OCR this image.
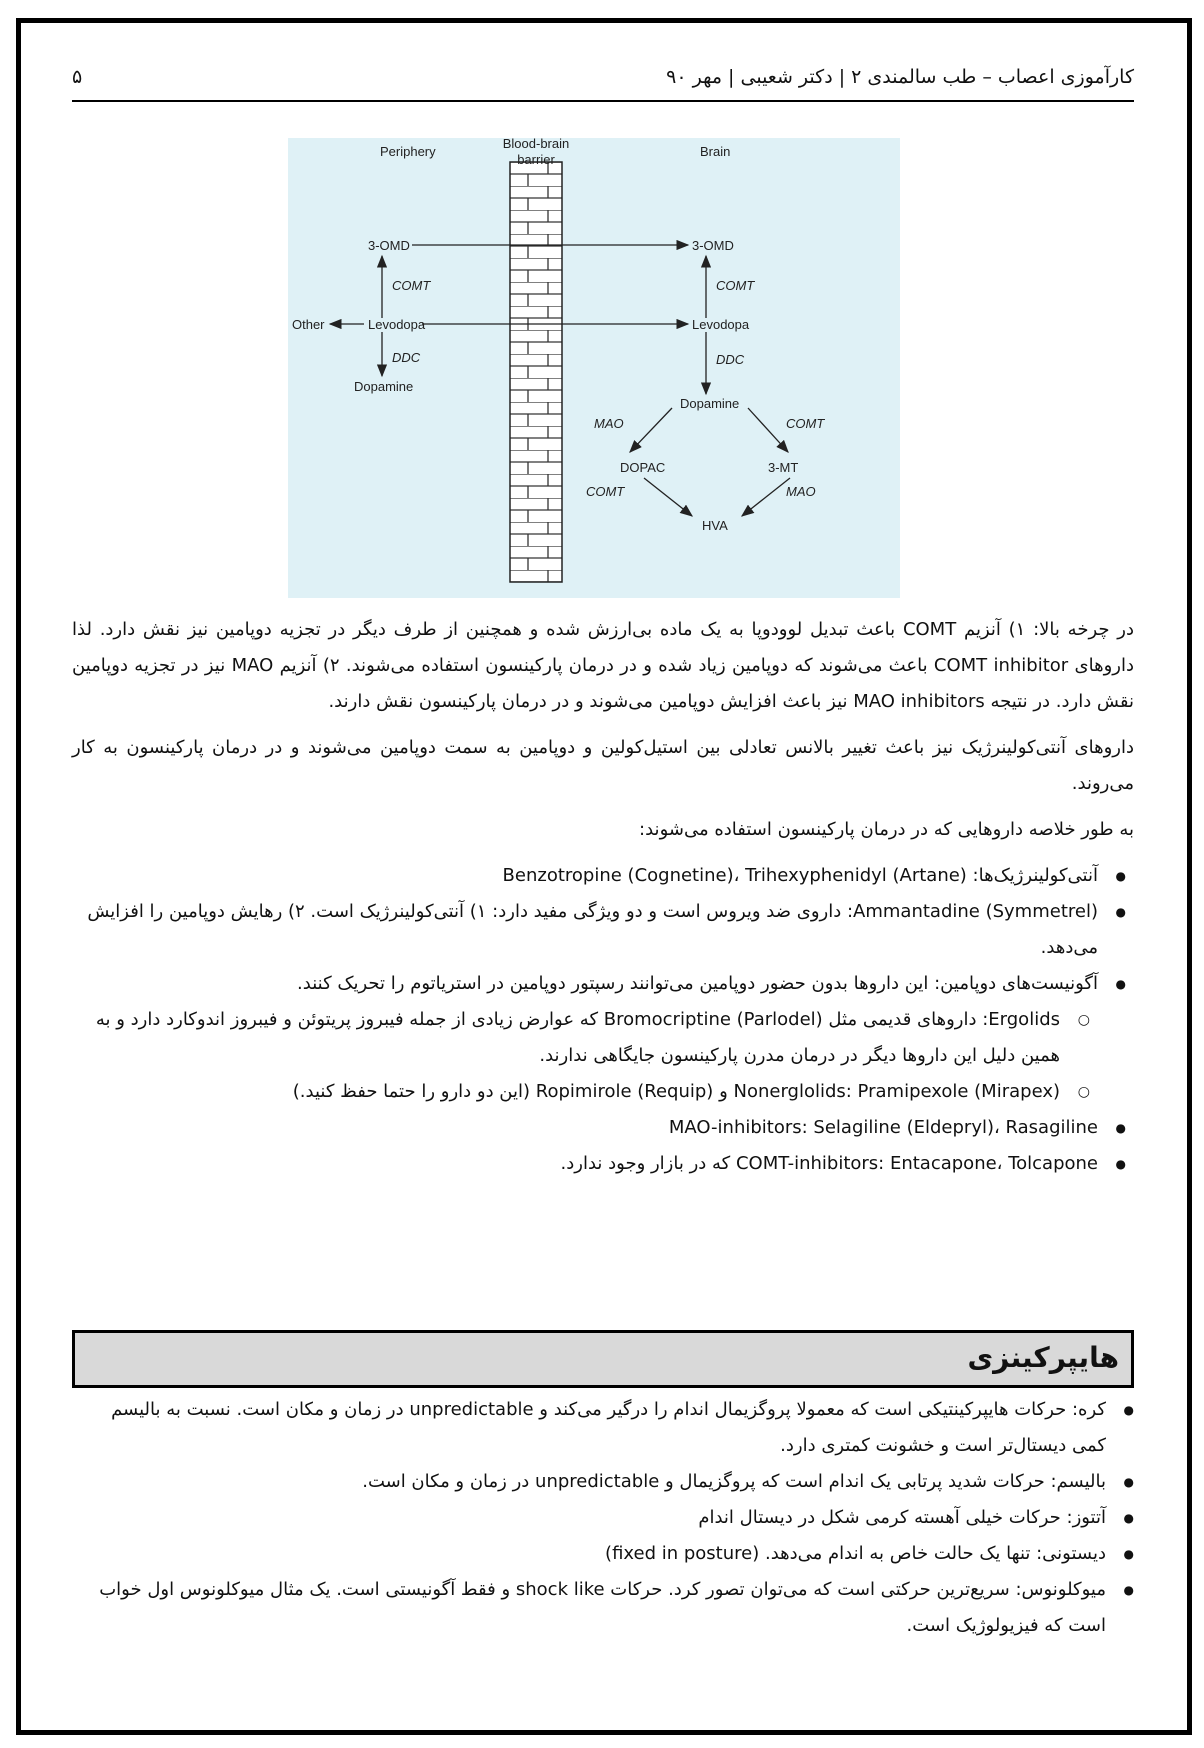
کارآموزی اعصاب – طب سالمندی ۲ | دکتر شعیبی | مهر ۹۰
۵
Periphery
Blood-brain
barrier
Brain
3-OMD
COMT
Other	Levodopa
DDC
Dopamine
3-OMD
COMT
Levodopa
DDC
Dopamine
MAO	COMT
DOPAC	3-MT
COMT	MAO
HVA

در چرخه بالا: ۱) آنزیم COMT باعث تبدیل لوودوپا به یک ماده بی‌ارزش شده و همچنین از طرف دیگر در تجزیه دوپامین نیز نقش دارد. لذا داروهای COMT inhibitor باعث می‌شوند که دوپامین زیاد شده و در درمان پارکینسون استفاده می‌شوند. ۲) آنزیم MAO نیز در تجزیه دوپامین نقش دارد. در نتیجه MAO inhibitors نیز باعث افزایش دوپامین می‌شوند و در درمان پارکینسون نقش دارند.

داروهای آنتی‌کولینرژیک نیز باعث تغییر بالانس تعادلی بین استیل‌کولین و دوپامین به سمت دوپامین می‌شوند و در درمان پارکینسون به کار می‌روند.

به طور خلاصه داروهایی که در درمان پارکینسون استفاده می‌شوند:

● آنتی‌کولینرژیک‌ها: Benzotropine (Cognetine)، Trihexyphenidyl (Artane)
● Ammantadine (Symmetrel): داروی ضد ویروس است و دو ویژگی مفید دارد: ۱) آنتی‌کولینرژیک است. ۲) رهایش دوپامین را افزایش می‌دهد.
● آگونیست‌های دوپامین: این داروها بدون حضور دوپامین می‌توانند رسپتور دوپامین در استریاتوم را تحریک کنند.
○ Ergolids: داروهای قدیمی مثل Bromocriptine (Parlodel) که عوارض زیادی از جمله فیبروز پریتوئن و فیبروز اندوکارد دارد و به همین دلیل این داروها دیگر در درمان مدرن پارکینسون جایگاهی ندارند.
○ Nonerglolids: Pramipexole (Mirapex) و Ropimirole (Requip) (این دو دارو را حتما حفظ کنید.)
● MAO-inhibitors: Selagiline (Eldepryl)، Rasagiline
● COMT-inhibitors: Entacapone، Tolcapone که در بازار وجود ندارد.
هایپرکینزی
● کره: حرکات هایپرکینتیکی است که معمولا پروگزیمال اندام را درگیر می‌کند و unpredictable در زمان و مکان است. نسبت به بالیسم کمی دیستال‌تر است و خشونت کمتری دارد.
● بالیسم: حرکات شدید پرتابی یک اندام است که پروگزیمال و unpredictable در زمان و مکان است.
● آتتوز: حرکات خیلی آهسته کرمی شکل در دیستال اندام
● دیستونی: تنها یک حالت خاص به اندام می‌دهد. (fixed in posture)
● میوکلونوس: سریع‌ترین حرکتی است که می‌توان تصور کرد. حرکات shock like و فقط آگونیستی است. یک مثال میوکلونوس اول خواب است که فیزیولوژیک است.
